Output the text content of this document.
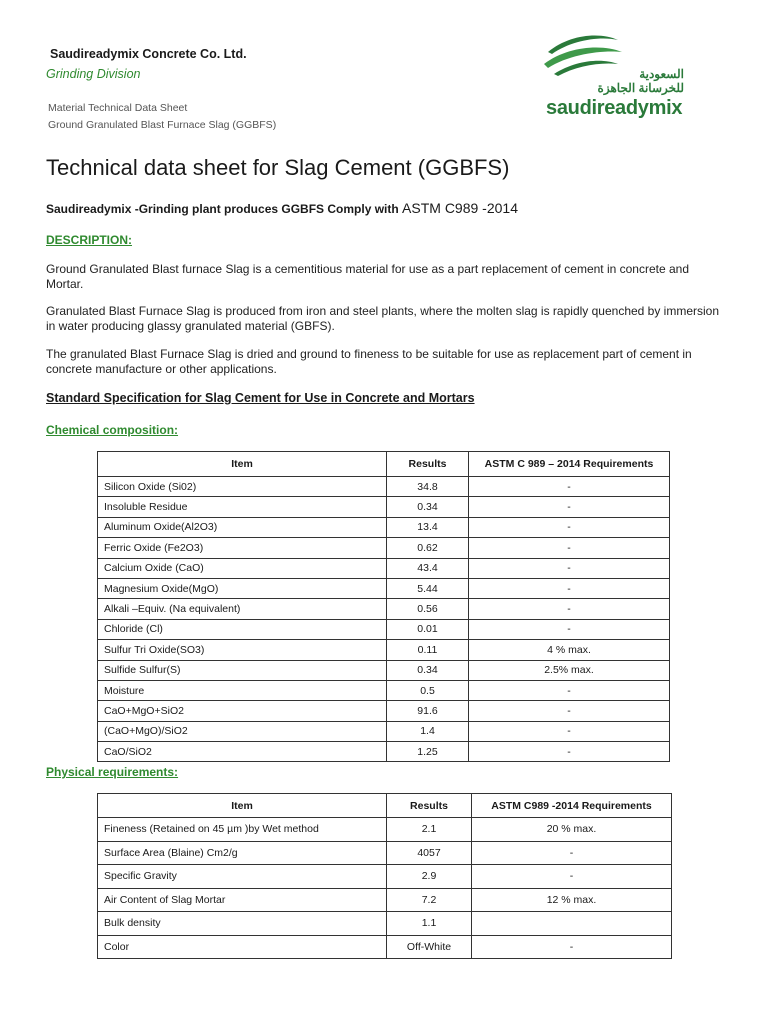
Saudireadymix Concrete Co. Ltd.
Grinding Division
Material Technical Data Sheet
Ground Granulated Blast Furnace Slag (GGBFS)
السعودية
للخرسانة الجاهزة
saudireadymix
Technical data sheet for Slag Cement (GGBFS)
Saudireadymix -Grinding plant produces GGBFS Comply with ASTM C989 -2014
DESCRIPTION:
Ground Granulated Blast furnace Slag is a cementitious material for use as a part replacement of cement in concrete and Mortar.
Granulated Blast Furnace Slag is produced from iron and steel plants, where the molten slag is rapidly quenched by immersion in water producing glassy granulated material (GBFS).
The granulated Blast Furnace Slag is dried and ground to fineness to be suitable for use as replacement part of cement in concrete manufacture or other applications.
Standard Specification for Slag Cement for Use in Concrete and Mortars
Chemical composition:
Item	Results	ASTM C 989 – 2014 Requirements
Silicon Oxide (Si02)	34.8	-
Insoluble Residue	0.34	-
Aluminum Oxide(Al2O3)	13.4	-
Ferric Oxide (Fe2O3)	0.62	-
Calcium Oxide (CaO)	43.4	-
Magnesium Oxide(MgO)	5.44	-
Alkali –Equiv. (Na equivalent)	0.56	-
Chloride (Cl)	0.01	-
Sulfur Tri Oxide(SO3)	0.11	4 % max.
Sulfide Sulfur(S)	0.34	2.5% max.
Moisture	0.5	-
CaO+MgO+SiO2	91.6	-
(CaO+MgO)/SiO2	1.4	-
CaO/SiO2	1.25	-
Physical requirements:
Item	Results	ASTM C989 -2014 Requirements
Fineness (Retained on 45 µm )by Wet method	2.1	20 % max.
Surface Area (Blaine) Cm2/g	4057	-
Specific Gravity	2.9	-
Air Content of Slag Mortar	7.2	12 % max.
Bulk density	1.1	
Color	Off-White	-
